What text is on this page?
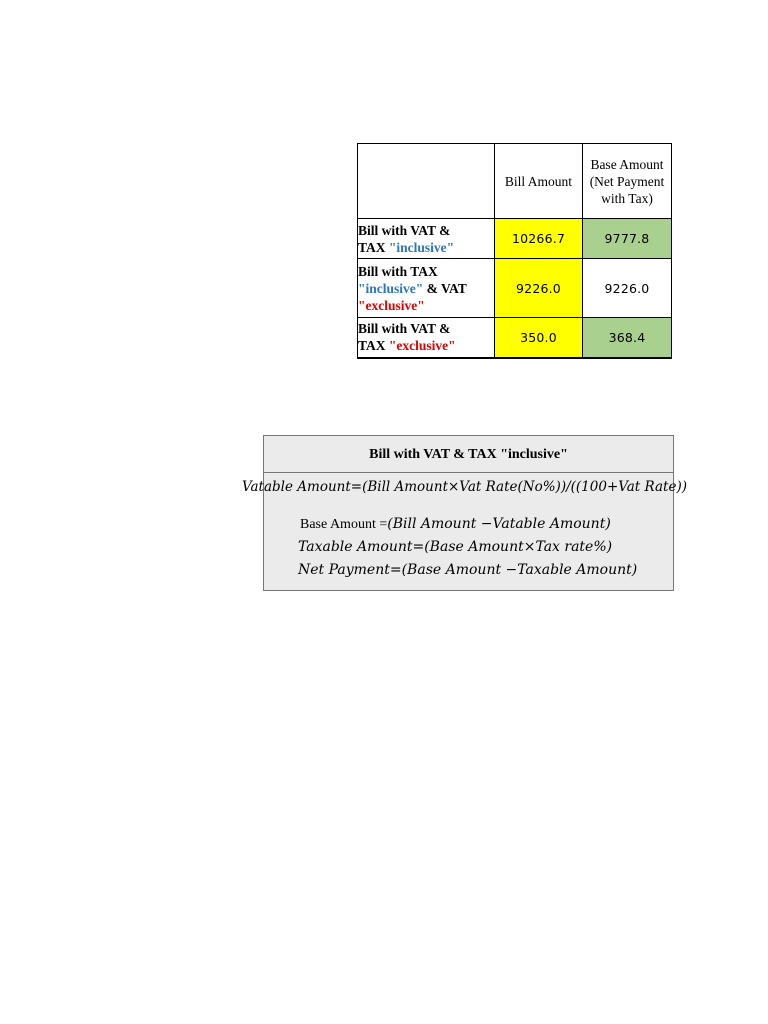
	Bill Amount	Base Amount
(Net Payment
with Tax)
Bill with VAT &
TAX "inclusive"	10266.7	9777.8
Bill with TAX
"inclusive" & VAT
"exclusive"	9226.0	9226.0
Bill with VAT &
TAX "exclusive"	350.0	368.4
Bill with VAT & TAX "inclusive"
Vatable Amount=(Bill Amount×Vat Rate(No%))/((100+Vat Rate))
Base Amount =(Bill Amount −Vatable Amount)
Taxable Amount=(Base Amount×Tax rate%)
Net Payment=(Base Amount −Taxable Amount)
